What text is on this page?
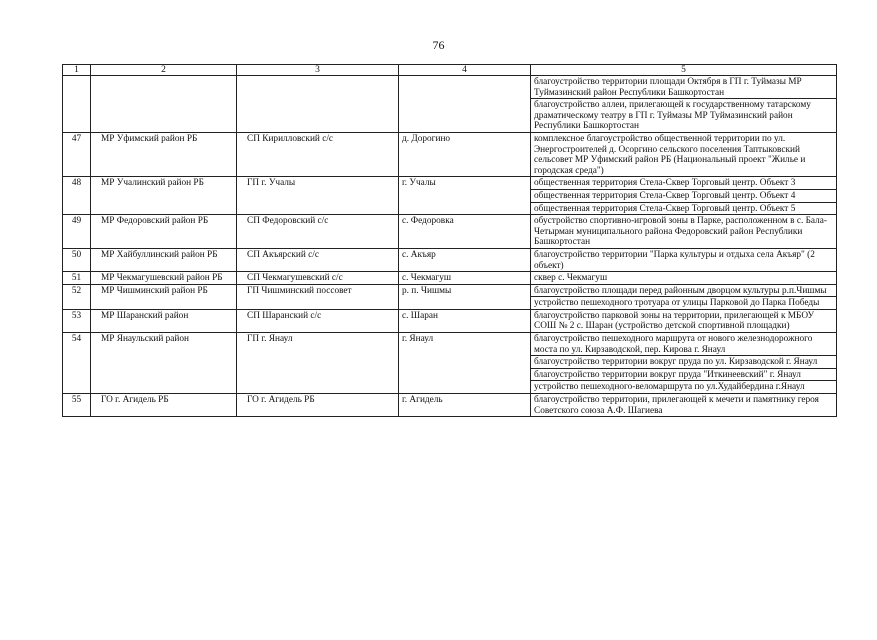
76
1	2	3	4	5
				благоустройство территории площади Октября в ГП г. Туймазы МР Туймазинский район Республики Башкортостан
				благоустройство аллеи, прилегающей к государственному татарскому драматическому театру в ГП г. Туймазы МР Туймазинский район Республики Башкортостан
47	МР Уфимский район РБ	СП Кирилловский с/с	д. Дорогино	комплексное благоустройство общественной территории по ул. Энергостроителей д. Осоргино сельского поселения Таптыковский сельсовет МР Уфимский район РБ (Национальный проект "Жилье и городская среда")
48	МР Учалинский район РБ	ГП г. Учалы	г. Учалы	общественная территория Стела-Сквер Торговый центр. Объект 3
				общественная территория Стела-Сквер Торговый центр. Объект 4
				общественная территория Стела-Сквер Торговый центр. Объект 5
49	МР Федоровский район РБ	СП Федоровский с/с	с. Федоровка	обустройство спортивно-игровой зоны в Парке, расположенном в с. Бала-Четырман муниципального района Федоровский район Республики Башкортостан
50	МР Хайбуллинский район РБ	СП Акъярский с/с	с. Акъяр	благоустройство территории "Парка культуры и отдыха села Акъяр" (2 объект)
51	МР Чекмагушевский район РБ	СП Чекмагушевский с/с	с. Чекмагуш	сквер с. Чекмагуш
52	МР Чишминский район РБ	ГП Чишминский поссовет	р. п. Чишмы	благоустройство площади перед районным дворцом культуры р.п.Чишмы
				устройство пешеходного тротуара от улицы Парковой до Парка Победы
53	МР Шаранский район	СП Шаранский с/с	с. Шаран	благоустройство парковой зоны на территории, прилегающей к МБОУ СОШ № 2 с. Шаран (устройство детской спортивной площадки)
54	МР Янаульский район	ГП г. Янаул	г. Янаул	благоустройство пешеходного маршрута от нового железнодорожного моста по ул. Кирзаводской, пер. Кирова г. Янаул
				благоустройство территории вокруг пруда по ул. Кирзаводской г. Янаул
				благоустройство территории вокруг пруда "Иткинеевский" г. Янаул
				устройство пешеходного-веломаршрута по ул.Худайбердина г.Янаул
55	ГО г. Агидель РБ	ГО г. Агидель РБ	г. Агидель	благоустройство территории, прилегающей к мечети и памятнику героя Советского союза А.Ф. Шагиева
